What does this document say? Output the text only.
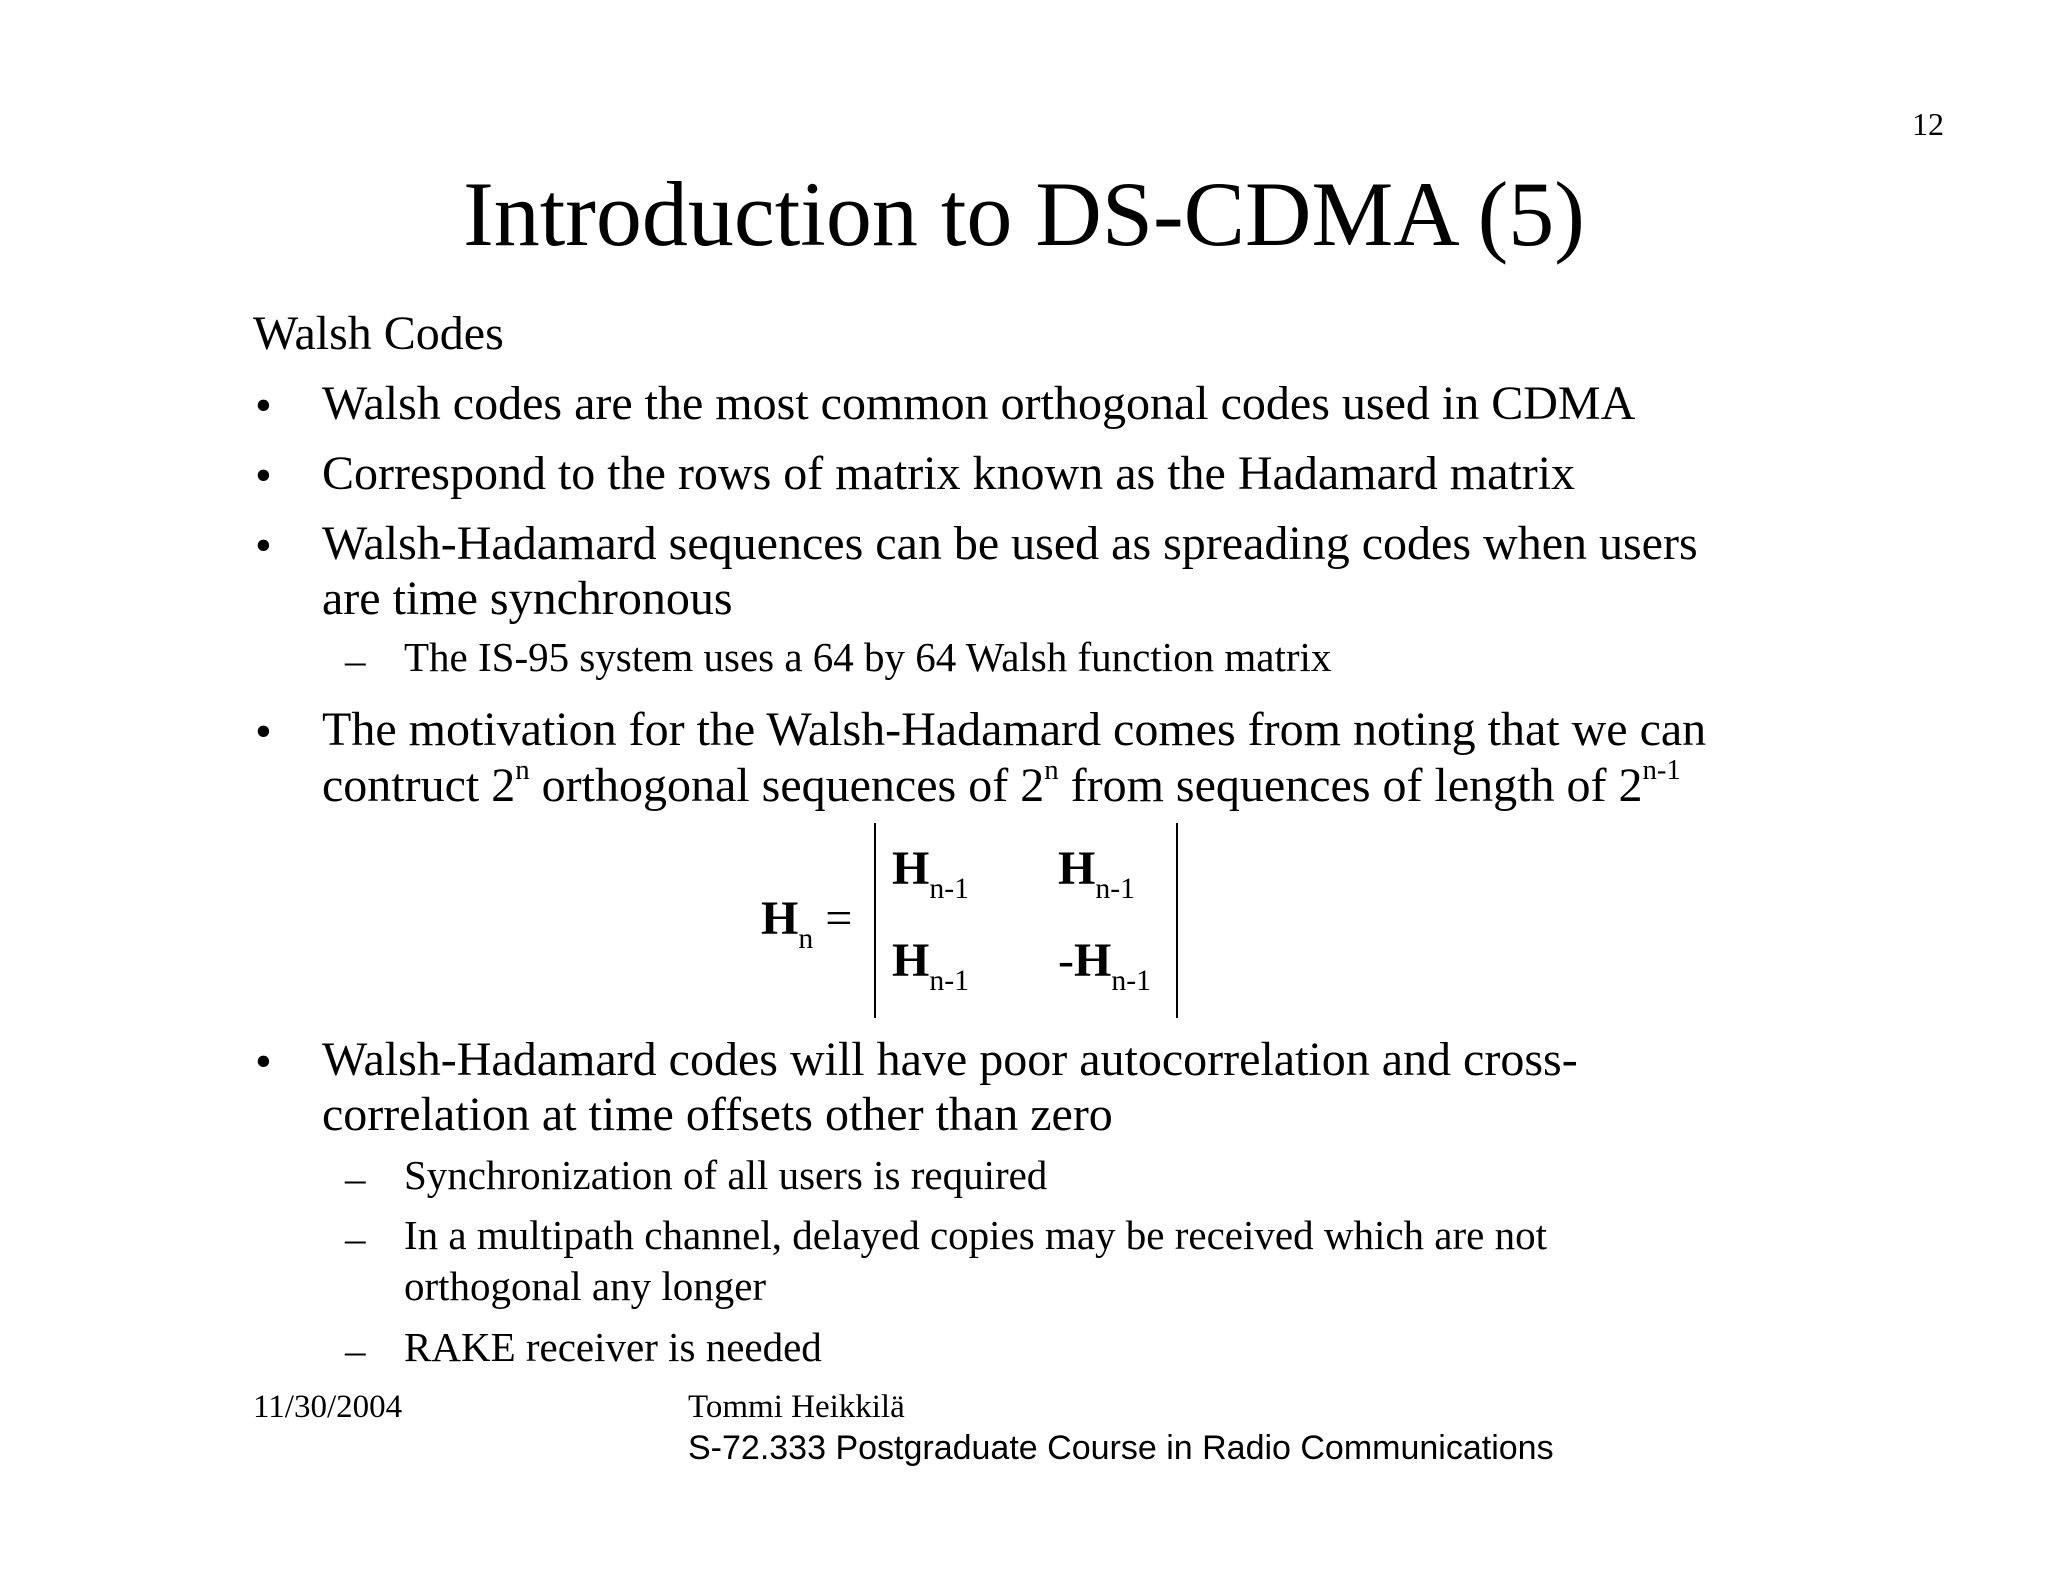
12
Introduction to DS-CDMA (5)
Walsh Codes
• Walsh codes are the most common orthogonal codes used in CDMA
• Correspond to the rows of matrix known as the Hadamard matrix
• Walsh-Hadamard sequences can be used as spreading codes when users
are time synchronous
– The IS-95 system uses a 64 by 64 Walsh function matrix
• The motivation for the Walsh-Hadamard comes from noting that we can
contruct 2$^n$ orthogonal sequences of 2$^n$ from sequences of length of 2$^{n-1}$
$H_n$ =
$H_{n-1}$ $H_{n-1}$
$H_{n-1}$ $-H_{n-1}$
• Walsh-Hadamard codes will have poor autocorrelation and cross-
correlation at time offsets other than zero
– Synchronization of all users is required
– In a multipath channel, delayed copies may be received which are not
orthogonal any longer
– RAKE receiver is needed
11/30/2004	Tommi Heikkilä
S-72.333 Postgraduate Course in Radio Communications
